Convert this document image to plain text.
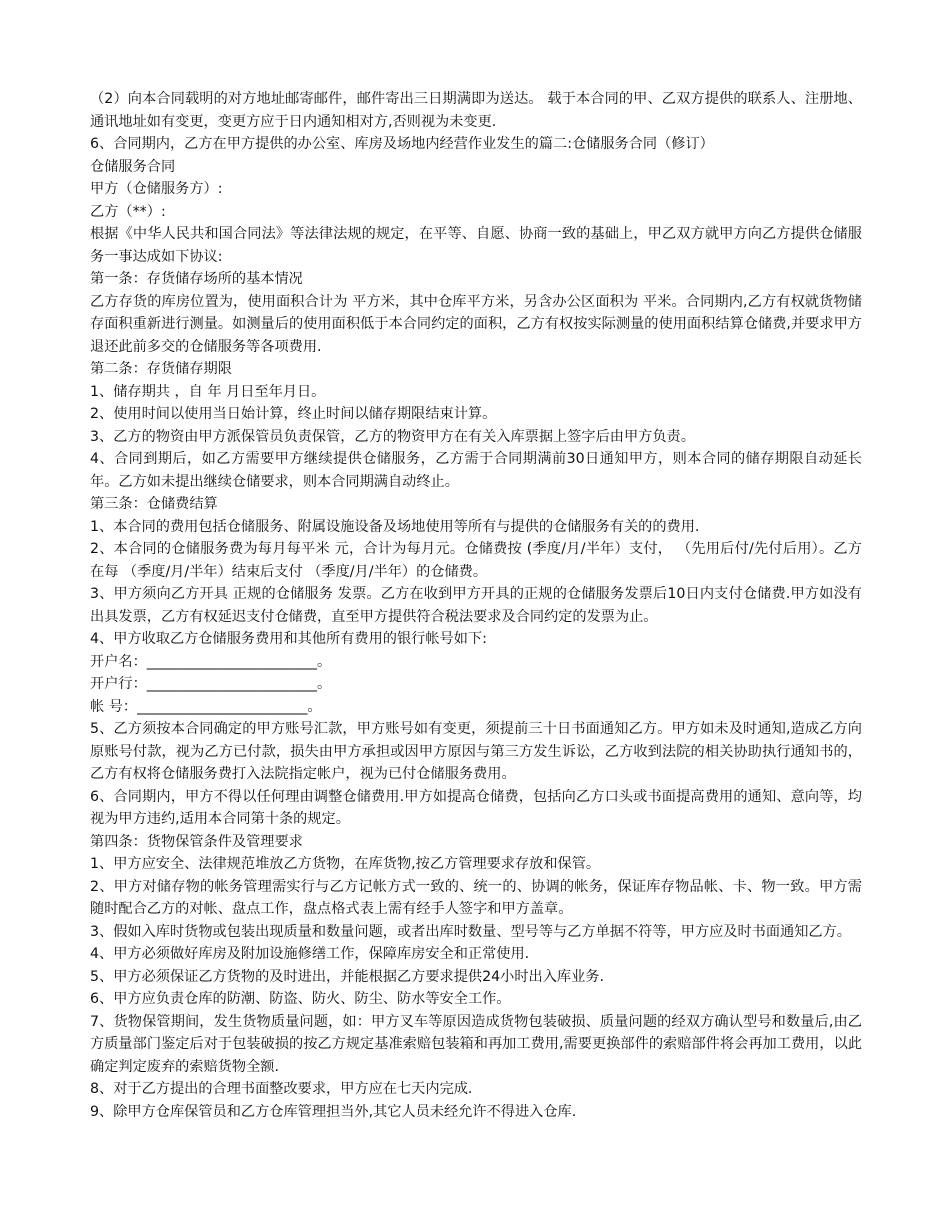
（2）向本合同载明的对方地址邮寄邮件，邮件寄出三日期满即为送达。 载于本合同的甲、乙双方提供的联系人、注册地、通讯地址如有变更，变更方应于日内通知相对方,否则视为未变更.
6、合同期内，乙方在甲方提供的办公室、库房及场地内经营作业发生的篇二:仓储服务合同（修订）
仓储服务合同
甲方（仓储服务方）:
乙方（**）:
根据《中华人民共和国合同法》等法律法规的规定，在平等、自愿、协商一致的基础上，甲乙双方就甲方向乙方提供仓储服务一事达成如下协议:
第一条：存货储存场所的基本情况
乙方存货的库房位置为，使用面积合计为 平方米，其中仓库平方米，另含办公区面积为 平米。合同期内,乙方有权就货物储存面积重新进行测量。如测量后的使用面积低于本合同约定的面积，乙方有权按实际测量的使用面积结算仓储费,并要求甲方退还此前多交的仓储服务等各项费用.
第二条：存货储存期限
1、储存期共 ，自 年 月日至年月日。
2、使用时间以使用当日始计算，终止时间以储存期限结束计算。
3、乙方的物资由甲方派保管员负责保管，乙方的物资甲方在有关入库票据上签字后由甲方负责。
4、合同到期后，如乙方需要甲方继续提供仓储服务，乙方需于合同期满前30日通知甲方，则本合同的储存期限自动延长年。乙方如未提出继续仓储要求，则本合同期满自动终止。
第三条：仓储费结算
1、本合同的费用包括仓储服务、附属设施设备及场地使用等所有与提供的仓储服务有关的的费用.
2、本合同的仓储服务费为每月每平米 元，合计为每月元。仓储费按 (季度/月/半年）支付， （先用后付/先付后用）。乙方在每 （季度/月/半年）结束后支付 （季度/月/半年）的仓储费。
3、甲方须向乙方开具 正规的仓储服务 发票。乙方在收到甲方开具的正规的仓储服务发票后10日内支付仓储费.甲方如没有出具发票，乙方有权延迟支付仓储费，直至甲方提供符合税法要求及合同约定的发票为止。
4、甲方收取乙方仓储服务费用和其他所有费用的银行帐号如下:
开户名：________________________。
开户行：________________________。
帐 号：________________________。
5、乙方须按本合同确定的甲方账号汇款，甲方账号如有变更，须提前三十日书面通知乙方。甲方如未及时通知,造成乙方向原账号付款，视为乙方已付款，损失由甲方承担或因甲方原因与第三方发生诉讼，乙方收到法院的相关协助执行通知书的，乙方有权将仓储服务费打入法院指定帐户，视为已付仓储服务费用。
6、合同期内，甲方不得以任何理由调整仓储费用.甲方如提高仓储费，包括向乙方口头或书面提高费用的通知、意向等，均视为甲方违约,适用本合同第十条的规定。
第四条：货物保管条件及管理要求
1、甲方应安全、法律规范堆放乙方货物，在库货物,按乙方管理要求存放和保管。
2、甲方对储存物的帐务管理需实行与乙方记帐方式一致的、统一的、协调的帐务，保证库存物品帐、卡、物一致。甲方需随时配合乙方的对帐、盘点工作，盘点格式表上需有经手人签字和甲方盖章。
3、假如入库时货物或包装出现质量和数量问题，或者出库时数量、型号等与乙方单据不符等，甲方应及时书面通知乙方。
4、甲方必须做好库房及附加设施修缮工作，保障库房安全和正常使用.
5、甲方必须保证乙方货物的及时进出，并能根据乙方要求提供24小时出入库业务.
6、甲方应负责仓库的防潮、防盗、防火、防尘、防水等安全工作。
7、货物保管期间，发生货物质量问题，如：甲方叉车等原因造成货物包装破损、质量问题的经双方确认型号和数量后,由乙方质量部门鉴定后对于包装破损的按乙方规定基准索赔包装箱和再加工费用,需要更换部件的索赔部件将会再加工费用，以此确定判定废弃的索赔货物全额.
8、对于乙方提出的合理书面整改要求，甲方应在七天内完成.
9、除甲方仓库保管员和乙方仓库管理担当外,其它人员未经允许不得进入仓库.
